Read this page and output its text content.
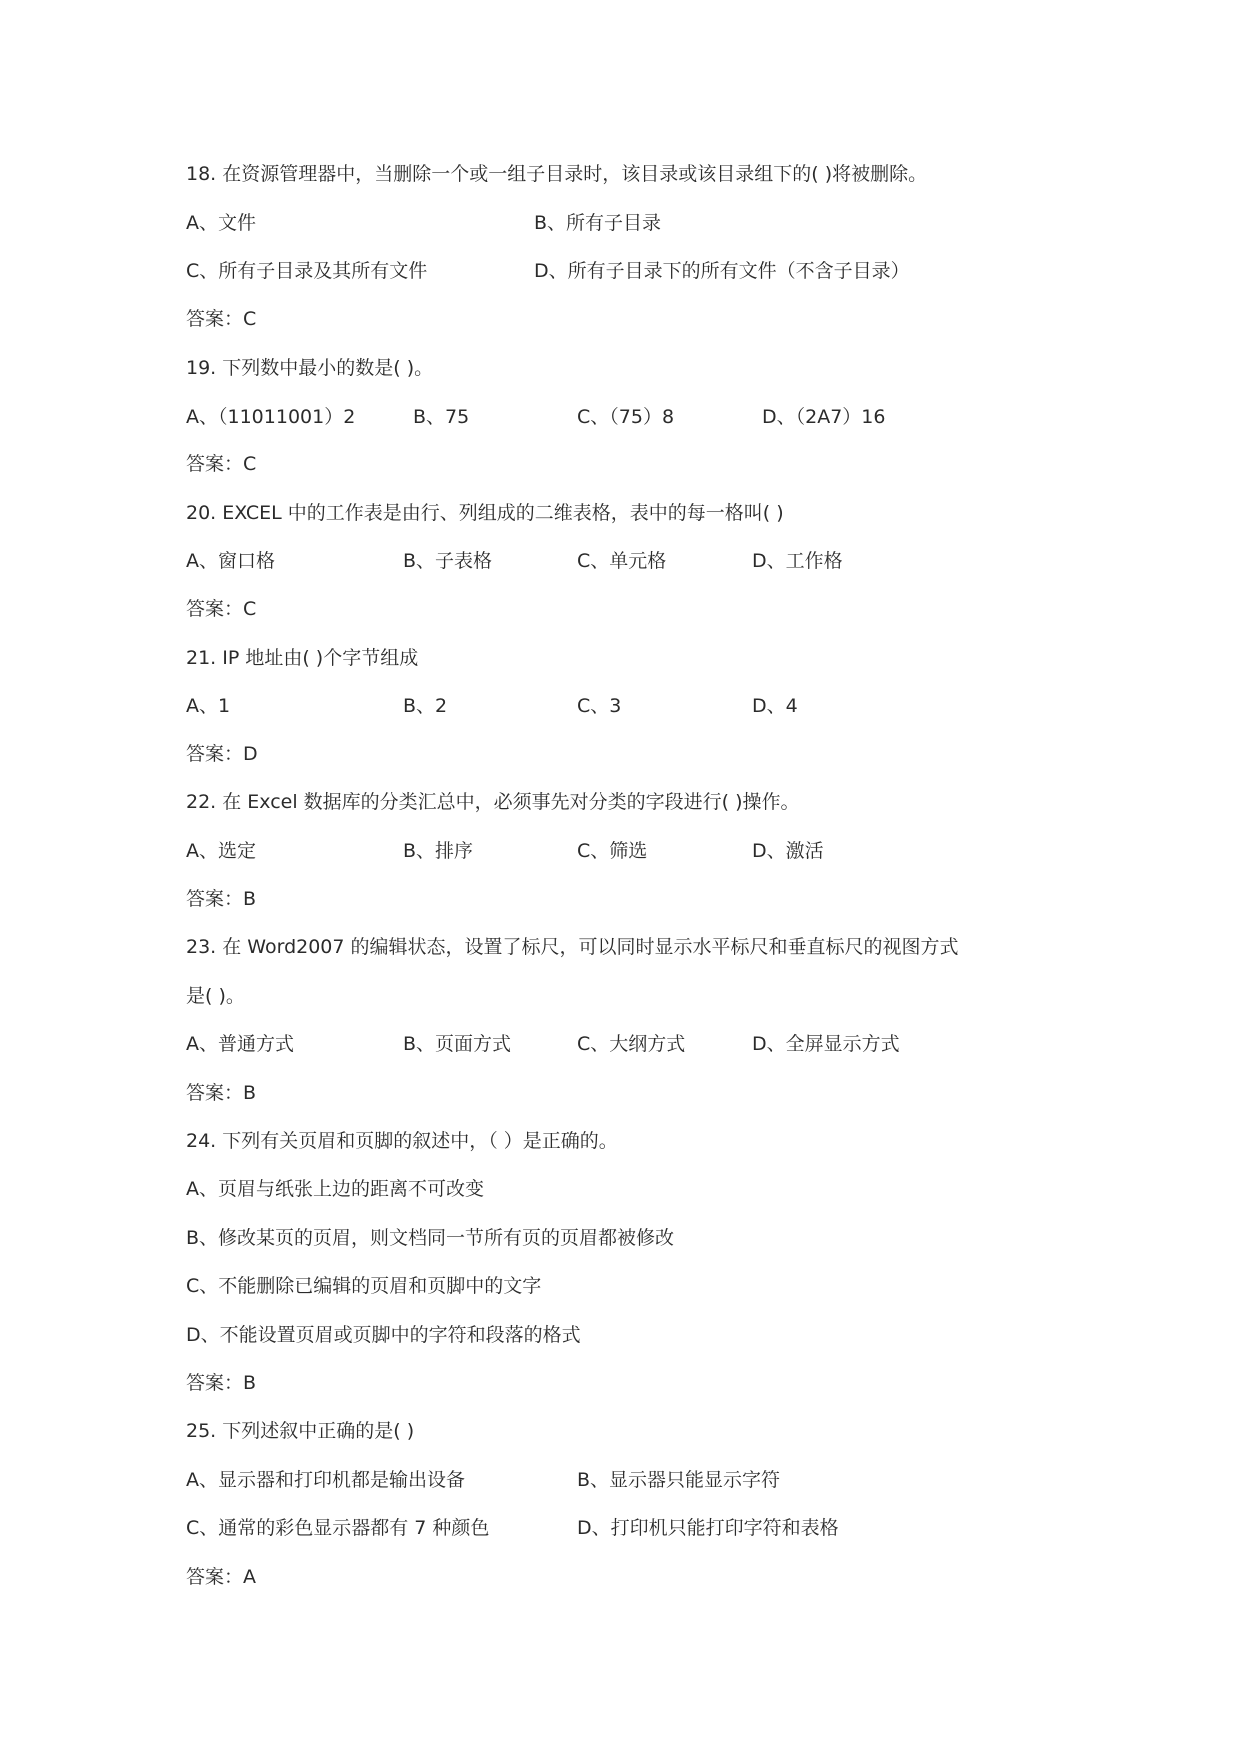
18. 在资源管理器中，当删除一个或一组子目录时，该目录或该目录组下的( )将被删除。
A、文件	B、所有子目录
C、所有子目录及其所有文件	D、所有子目录下的所有文件（不含子目录）
答案：C
19. 下列数中最小的数是( )。
A、（11011001）2	B、75	C、（75）8	D、（2A7）16
答案：C
20. EXCEL 中的工作表是由行、列组成的二维表格，表中的每一格叫( )
A、窗口格	B、子表格	C、单元格	D、工作格
答案：C
21. IP 地址由( )个字节组成
A、1	B、2	C、3	D、4
答案：D
22. 在 Excel 数据库的分类汇总中，必须事先对分类的字段进行( )操作。
A、选定	B、排序	C、筛选	D、激活
答案：B
23. 在 Word2007 的编辑状态，设置了标尺，可以同时显示水平标尺和垂直标尺的视图方式
是( )。
A、普通方式	B、页面方式	C、大纲方式	D、全屏显示方式
答案：B
24. 下列有关页眉和页脚的叙述中，（ ）是正确的。
A、页眉与纸张上边的距离不可改变
B、修改某页的页眉，则文档同一节所有页的页眉都被修改
C、不能删除已编辑的页眉和页脚中的文字
D、不能设置页眉或页脚中的字符和段落的格式
答案：B
25. 下列述叙中正确的是( )
A、显示器和打印机都是输出设备	B、显示器只能显示字符
C、通常的彩色显示器都有 7 种颜色	D、打印机只能打印字符和表格
答案：A
